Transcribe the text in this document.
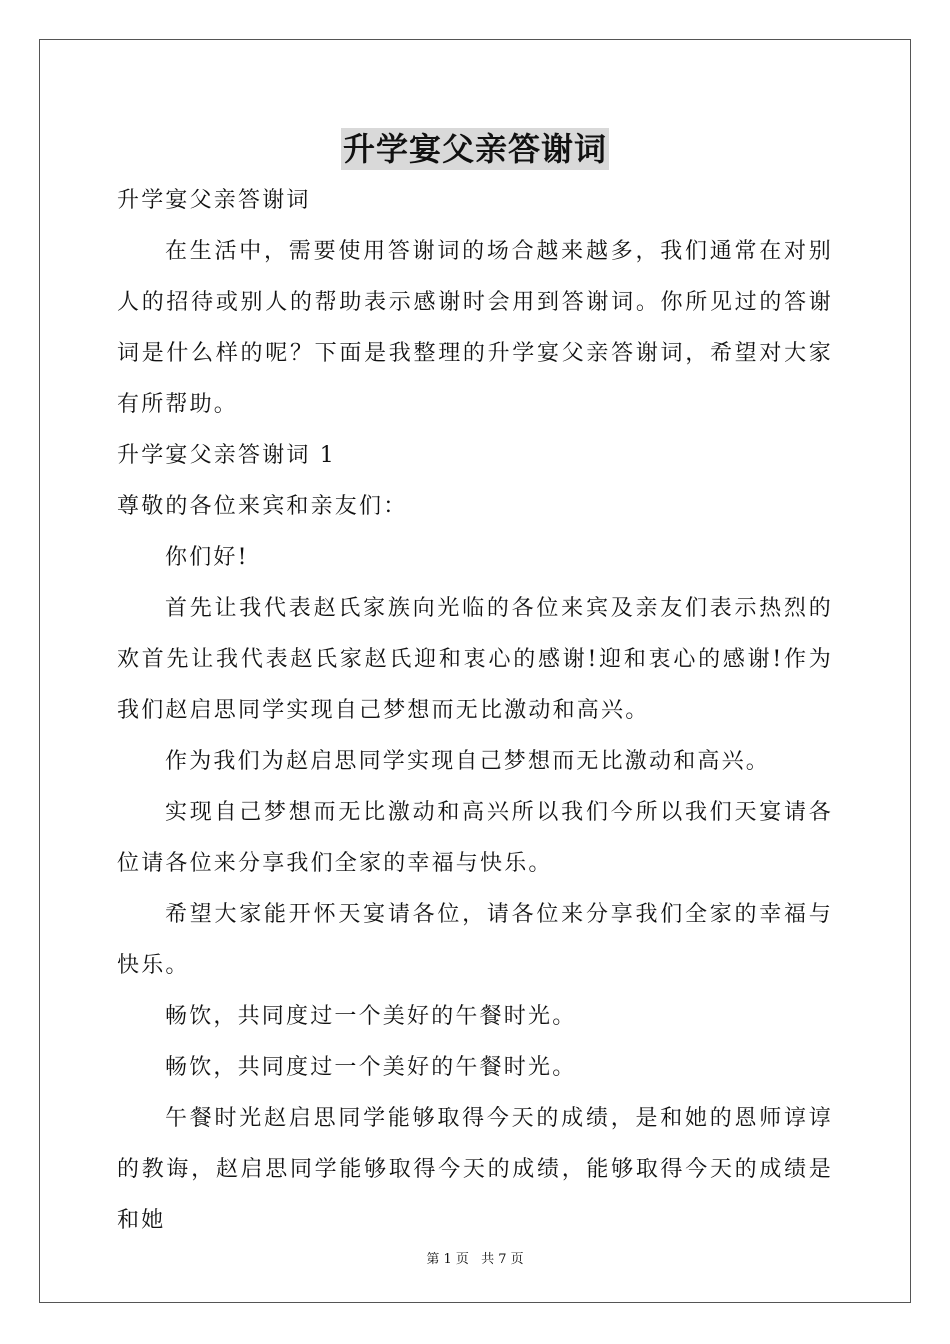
升学宴父亲答谢词
升学宴父亲答谢词

在生活中，需要使用答谢词的场合越来越多，我们通常在对别人的招待或别人的帮助表示感谢时会用到答谢词。你所见过的答谢词是什么样的呢？下面是我整理的升学宴父亲答谢词，希望对大家有所帮助。

升学宴父亲答谢词 1
尊敬的各位来宾和亲友们：

你们好!

首先让我代表赵氏家族向光临的各位来宾及亲友们表示热烈的欢首先让我代表赵氏家赵氏迎和衷心的感谢!迎和衷心的感谢!作为我们赵启思同学实现自己梦想而无比激动和高兴。

作为我们为赵启思同学实现自己梦想而无比激动和高兴。

实现自己梦想而无比激动和高兴所以我们今所以我们天宴请各位请各位来分享我们全家的幸福与快乐。

希望大家能开怀天宴请各位，请各位来分享我们全家的幸福与快乐。

畅饮，共同度过一个美好的午餐时光。

畅饮，共同度过一个美好的午餐时光。

午餐时光赵启思同学能够取得今天的成绩，是和她的恩师谆谆的教诲，赵启思同学能够取得今天的成绩，能够取得今天的成绩是和她

第 1 页 共 7 页
